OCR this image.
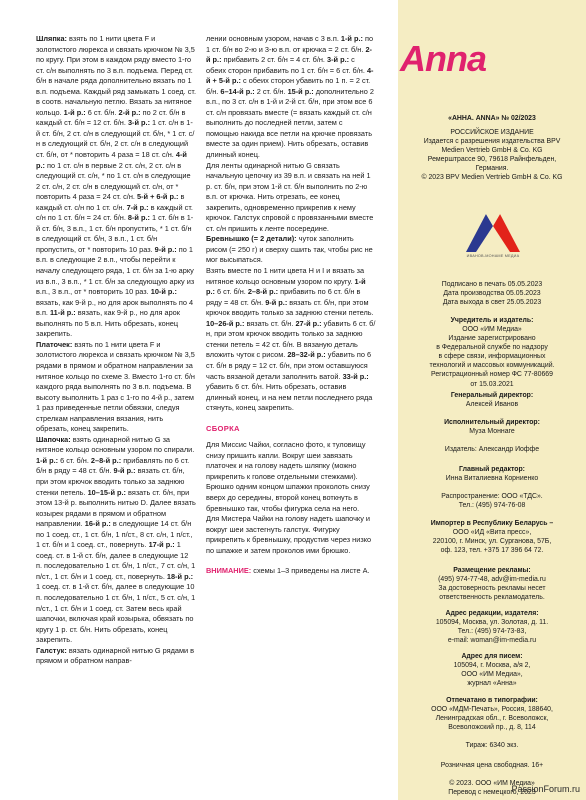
Шляпка: взять по 1 нити цвета F и золотистого люрекса и связать крючком № 3,5 по кругу. При этом в каждом ряду вместо 1-го ст. с/н выполнять по 3 в.п. подъема. Перед ст. б/н в начале ряда дополнительно вязать по 1 в.п. подъема. Каждый ряд замыкать 1 соед. ст. в соотв. начальную петлю. Вязать за нитяное кольцо. 1-й р.: 6 ст. б/н. 2-й р.: по 2 ст. б/н в каждый ст. б/н = 12 ст. б/н. 3-й р.: 1 ст. с/н в 1-й ст. б/н, 2 ст. с/н в следующий ст. б/н, * 1 ст. с/н в следующий ст. б/н, 2 ст. с/н в следующий ст. б/н, от * повторить 4 раза = 18 ст. с/н. 4-й р.: по 1 ст. с/н в первые 2 ст. с/н, 2 ст. с/н в следующий ст. с/н, * по 1 ст. с/н в следующие 2 ст. с/н, 2 ст. с/н в следующий ст. с/н, от * повторить 4 раза = 24 ст. с/н. 5-й + 6-й р.: в каждый ст. с/н по 1 ст. с/н. 7-й р.: в каждый ст. с/н по 1 ст. б/н = 24 ст. б/н. 8-й р.: 1 ст. б/н в 1-й ст. б/н, 3 в.п., 1 ст. б/н пропустить, * 1 ст. б/н в следующий ст. б/н, 3 в.п., 1 ст. б/н пропустить, от * повторить 10 раз. 9-й р.: по 1 в.п. в следующие 2 в.п., чтобы перейти к началу следующего ряда, 1 ст. б/н за 1-ю арку из в.п., 3 в.п., * 1 ст. б/н за следующую арку из в.п., 3 в.п., от * повторить 10 раз. 10-й р.: вязать, как 9-й р., но для арок выполнять по 4 в.п. 11-й р.: вязать, как 9-й р., но для арок выполнять по 5 в.п. Нить обрезать, конец закрепить.

Платочек: взять по 1 нити цвета F и золотистого люрекса и связать крючком № 3,5 рядами в прямом и обратном направлении за нитяное кольцо по схеме 3. Вместо 1-го ст. б/н каждого ряда выполнять по 3 в.п. подъема. В высоту выполнить 1 раз с 1-го по 4-й р., затем 1 раз приведенные петли обвязки, следуя стрелкам направления вязания, нить обрезать, конец закрепить.

Шапочка: взять одинарной нитью G за нитяное кольцо основным узором по спирали. 1-й р.: 6 ст. б/н. 2–8-й р.: прибавлять по 6 ст. б/н в ряду = 48 ст. б/н. 9-й р.: вязать ст. б/н, при этом крючок вводить только за заднюю стенки петель. 10–15-й р.: вязать ст. б/н, при этом 13-й р. выполнить нитью D. Далее вязать козырек рядами в прямом и обратном направлении. 16-й р.: в следующие 14 ст. б/н по 1 соед. ст., 1 ст. б/н, 1 п/ст., 8 ст. с/н, 1 п/ст., 1 ст. б/н и 1 соед. ст., повернуть. 17-й р.: 1 соед. ст. в 1-й ст. б/н, далее в следующие 12 п. последовательно 1 ст. б/н, 1 п/ст., 7 ст. с/н, 1 п/ст., 1 ст. б/н и 1 соед. ст., повернуть. 18-й р.: 1 соед. ст. в 1-й ст. б/н, далее в следующие 10 п. последовательно 1 ст. б/н, 1 п/ст., 5 ст. с/н, 1 п/ст., 1 ст. б/н и 1 соед. ст. Затем весь край шапочки, включая край козырька, обвязать по кругу 1 р. ст. б/н. Нить обрезать, конец закрепить.

Галстук: вязать одинарной нитью G рядами в прямом и обратном направ-

лении основным узором, начав с 3 в.п. 1-й р.: по 1 ст. б/н во 2-ю и 3-ю в.п. от крючка = 2 ст. б/н. 2-й р.: прибавить 2 ст. б/н = 4 ст. б/н. 3-й р.: с обеих сторон прибавить по 1 ст. б/н = 6 ст. б/н. 4-й + 5-й р.: с обеих сторон убавить по 1 п. = 2 ст. б/н. 6–14-й р.: 2 ст. б/н. 15-й р.: дополнительно 2 в.п., по 3 ст. с/н в 1-й и 2-й ст. б/н, при этом все 6 ст. с/н провязать вместе (= вязать каждый ст. с/н выполнить до последней петли, затем с помощью накида все петли на крючке провязать вместе за один прием). Нить обрезать, оставив длинный конец.

Для ленты одинарной нитью G связать начальную цепочку из 39 в.п. и связать на ней 1 р. ст. б/н, при этом 1-й ст. б/н выполнить по 2-ю в.п. от крючка. Нить отрезать, ее конец закрепить, одновременно прикрепив к нему крючок. Галстук спровой с провязанными вместе ст. с/н пришить к ленте посередине.

Бревнышко (= 2 детали): чуток заполнить рисом (= 250 г) и сверху сшить так, чтобы рис не мог высыпаться.

Взять вместе по 1 нити цвета H и I и вязать за нитяное кольцо основным узором по кругу. 1-й р.: 6 ст. б/н. 2–8-й р.: прибавить по 6 ст. б/н в ряду = 48 ст. б/н. 9-й р.: вязать ст. б/н, при этом крючок вводить только за заднюю стенки петель. 10–26-й р.: вязать ст. б/н. 27-й р.: убавить 6 ст. б/н, при этом крючок вводить только за заднюю стенки петель = 42 ст. б/н. В вязаную деталь вложить чуток с рисом. 28–32-й р.: убавить по 6 ст. б/н в ряду = 12 ст. б/н, при этом оставшуюся часть вязаной детали заполнить ватой. 33-й р.: убавить 6 ст. б/н. Нить обрезать, оставив длинный конец, и на нем петли последнего ряда стянуть, конец закрепить.

СБОРКА

Для Миссис Чайки, согласно фото, к туловищу снизу пришить капли. Вокруг шеи завязать платочек и на голову надеть шляпку (можно прикрепить к голове отдельными стежками). Брюшко одним концом шпажки проколоть снизу вверх до середины, второй конец воткнуть в бревнышко так, чтобы фигурка села на него.

Для Мистера Чайки на голову надеть шапочку и вокруг шеи застегнуть галстук. Фигурку прикрепить к бревнышку, продустив через низко по шпажке и затем проколов ими брюшко.

ВНИМАНИЕ: схемы 1–3 приведены на листе А.

«АННА. ANNA» № 02/2023
РОССИЙСКОЕ ИЗДАНИЕ
Издается с разрешения издательства BPV
Medien Vertrieb GmbH & Co. KG
Ремерштрассе 90, 79618 Райнфельден,
Германия.
© 2023 BPV Medien Vertrieb GmbH & Co. KG
Подписано в печать 05.05.2023
Дата производства 05.05.2023
Дата выхода в свет 25.05.2023
Учредитель и издатель:
ООО «ИМ Медиа»
Издание зарегистрировано
в Федеральной службе по надзору
в сфере связи, информационных
технологий и массовых коммуникаций.
Регистрационный номер ФС 77-80669
от 15.03.2021
Генеральный директор:
Алексей Иванов
Исполнительный директор:
Муза Моннаге
Издатель: Александр Иоффе
Главный редактор:
Инна Виталиевна Корниенко
Распространение: ООО «ТДС».
Тел.: (495) 974-76-08
Импортер в Республику Беларусь –
ООО «ИД «Вита пресс»,
220100, г. Минск, ул. Сурганова, 57Б,
оф. 123, тел. +375 17 396 64 72.
Размещение рекламы:
(495) 974-77-48, adv@im-media.ru
За достоверность рекламы несет
ответственность рекламодатель.
Адрес редакции, издателя:
105094, Москва, ул. Золотая, д. 11.
Тел.: (495) 974-73-83,
e-mail: woman@im-media.ru
Адрес для писем:
105094, г. Москва, а/я 2,
ООО «ИМ Медиа»,
журнал «Анна»
Отпечатано в типографии:
ООО «МДМ-Печать», Россия, 188640,
Ленинградская обл., г. Всеволожск,
Всеволожский пр., д. 8, 114
Тираж: 6340 экз.
Розничная цена свободная. 16+
© 2023. ООО «ИМ Медиа»
Перевод с немецкого, 2023
Anna
ИВАНОВ-МОНАМЕ МЕДИА
PassionForum.ru
